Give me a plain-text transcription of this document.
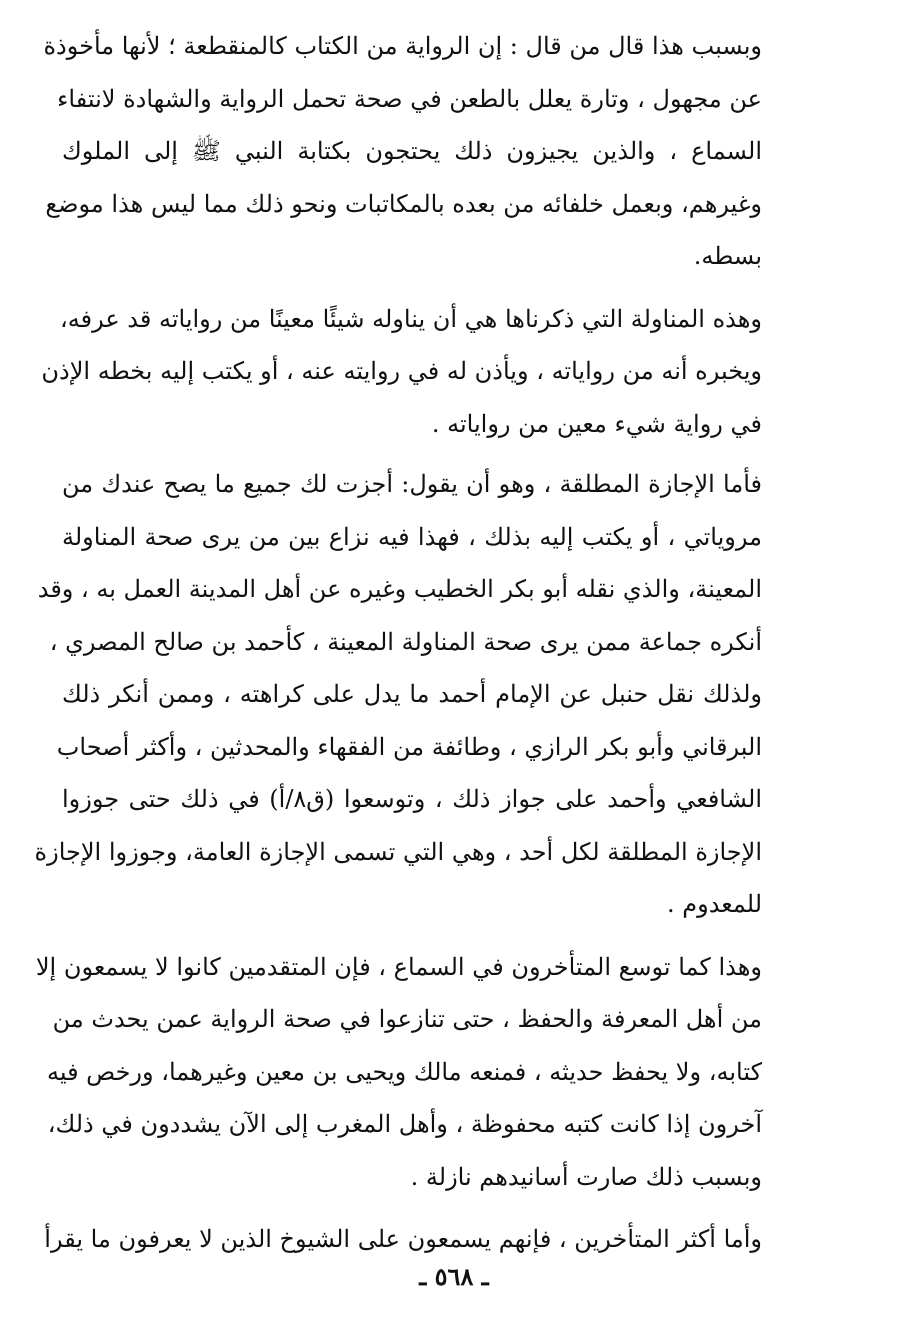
وبسبب هذا قال من قال : إن الرواية من الكتاب كالمنقطعة ؛ لأنها مأخوذة
عن مجهول ، وتارة يعلل بالطعن في صحة تحمل الرواية والشهادة لانتفاء
السماع ، والذين يجيزون ذلك يحتجون بكتابة النبي ﷺ إلى الملوك
وغيرهم، وبعمل خلفائه من بعده بالمكاتبات ونحو ذلك مما ليس هذا موضع
بسطه.
وهذه المناولة التي ذكرناها هي أن يناوله شيئًا معينًا من رواياته قد عرفه،
ويخبره أنه من رواياته ، ويأذن له في روايته عنه ، أو يكتب إليه بخطه الإذن
في رواية شيء معين من رواياته .
فأما الإجازة المطلقة ، وهو أن يقول: أجزت لك جميع ما يصح عندك من
مروياتي ، أو يكتب إليه بذلك ، فهذا فيه نزاع بين من يرى صحة المناولة
المعينة، والذي نقله أبو بكر الخطيب وغيره عن أهل المدينة العمل به ، وقد
أنكره جماعة ممن يرى صحة المناولة المعينة ، كأحمد بن صالح المصري ،
ولذلك نقل حنبل عن الإمام أحمد ما يدل على كراهته ، وممن أنكر ذلك
البرقاني وأبو بكر الرازي ، وطائفة من الفقهاء والمحدثين ، وأكثر أصحاب
الشافعي وأحمد على جواز ذلك ، وتوسعوا (ق٨/أ) في ذلك حتى جوزوا
الإجازة المطلقة لكل أحد ، وهي التي تسمى الإجازة العامة، وجوزوا الإجازة
للمعدوم .
وهذا كما توسع المتأخرون في السماع ، فإن المتقدمين كانوا لا يسمعون إلا
من أهل المعرفة والحفظ ، حتى تنازعوا في صحة الرواية عمن يحدث من
كتابه، ولا يحفظ حديثه ، فمنعه مالك ويحيى بن معين وغيرهما، ورخص فيه
آخرون إذا كانت كتبه محفوظة ، وأهل المغرب إلى الآن يشددون في ذلك،
وبسبب ذلك صارت أسانيدهم نازلة .
وأما أكثر المتأخرين ، فإنهم يسمعون على الشيوخ الذين لا يعرفون ما يقرأ
ـ ٥٦٨ ـ
